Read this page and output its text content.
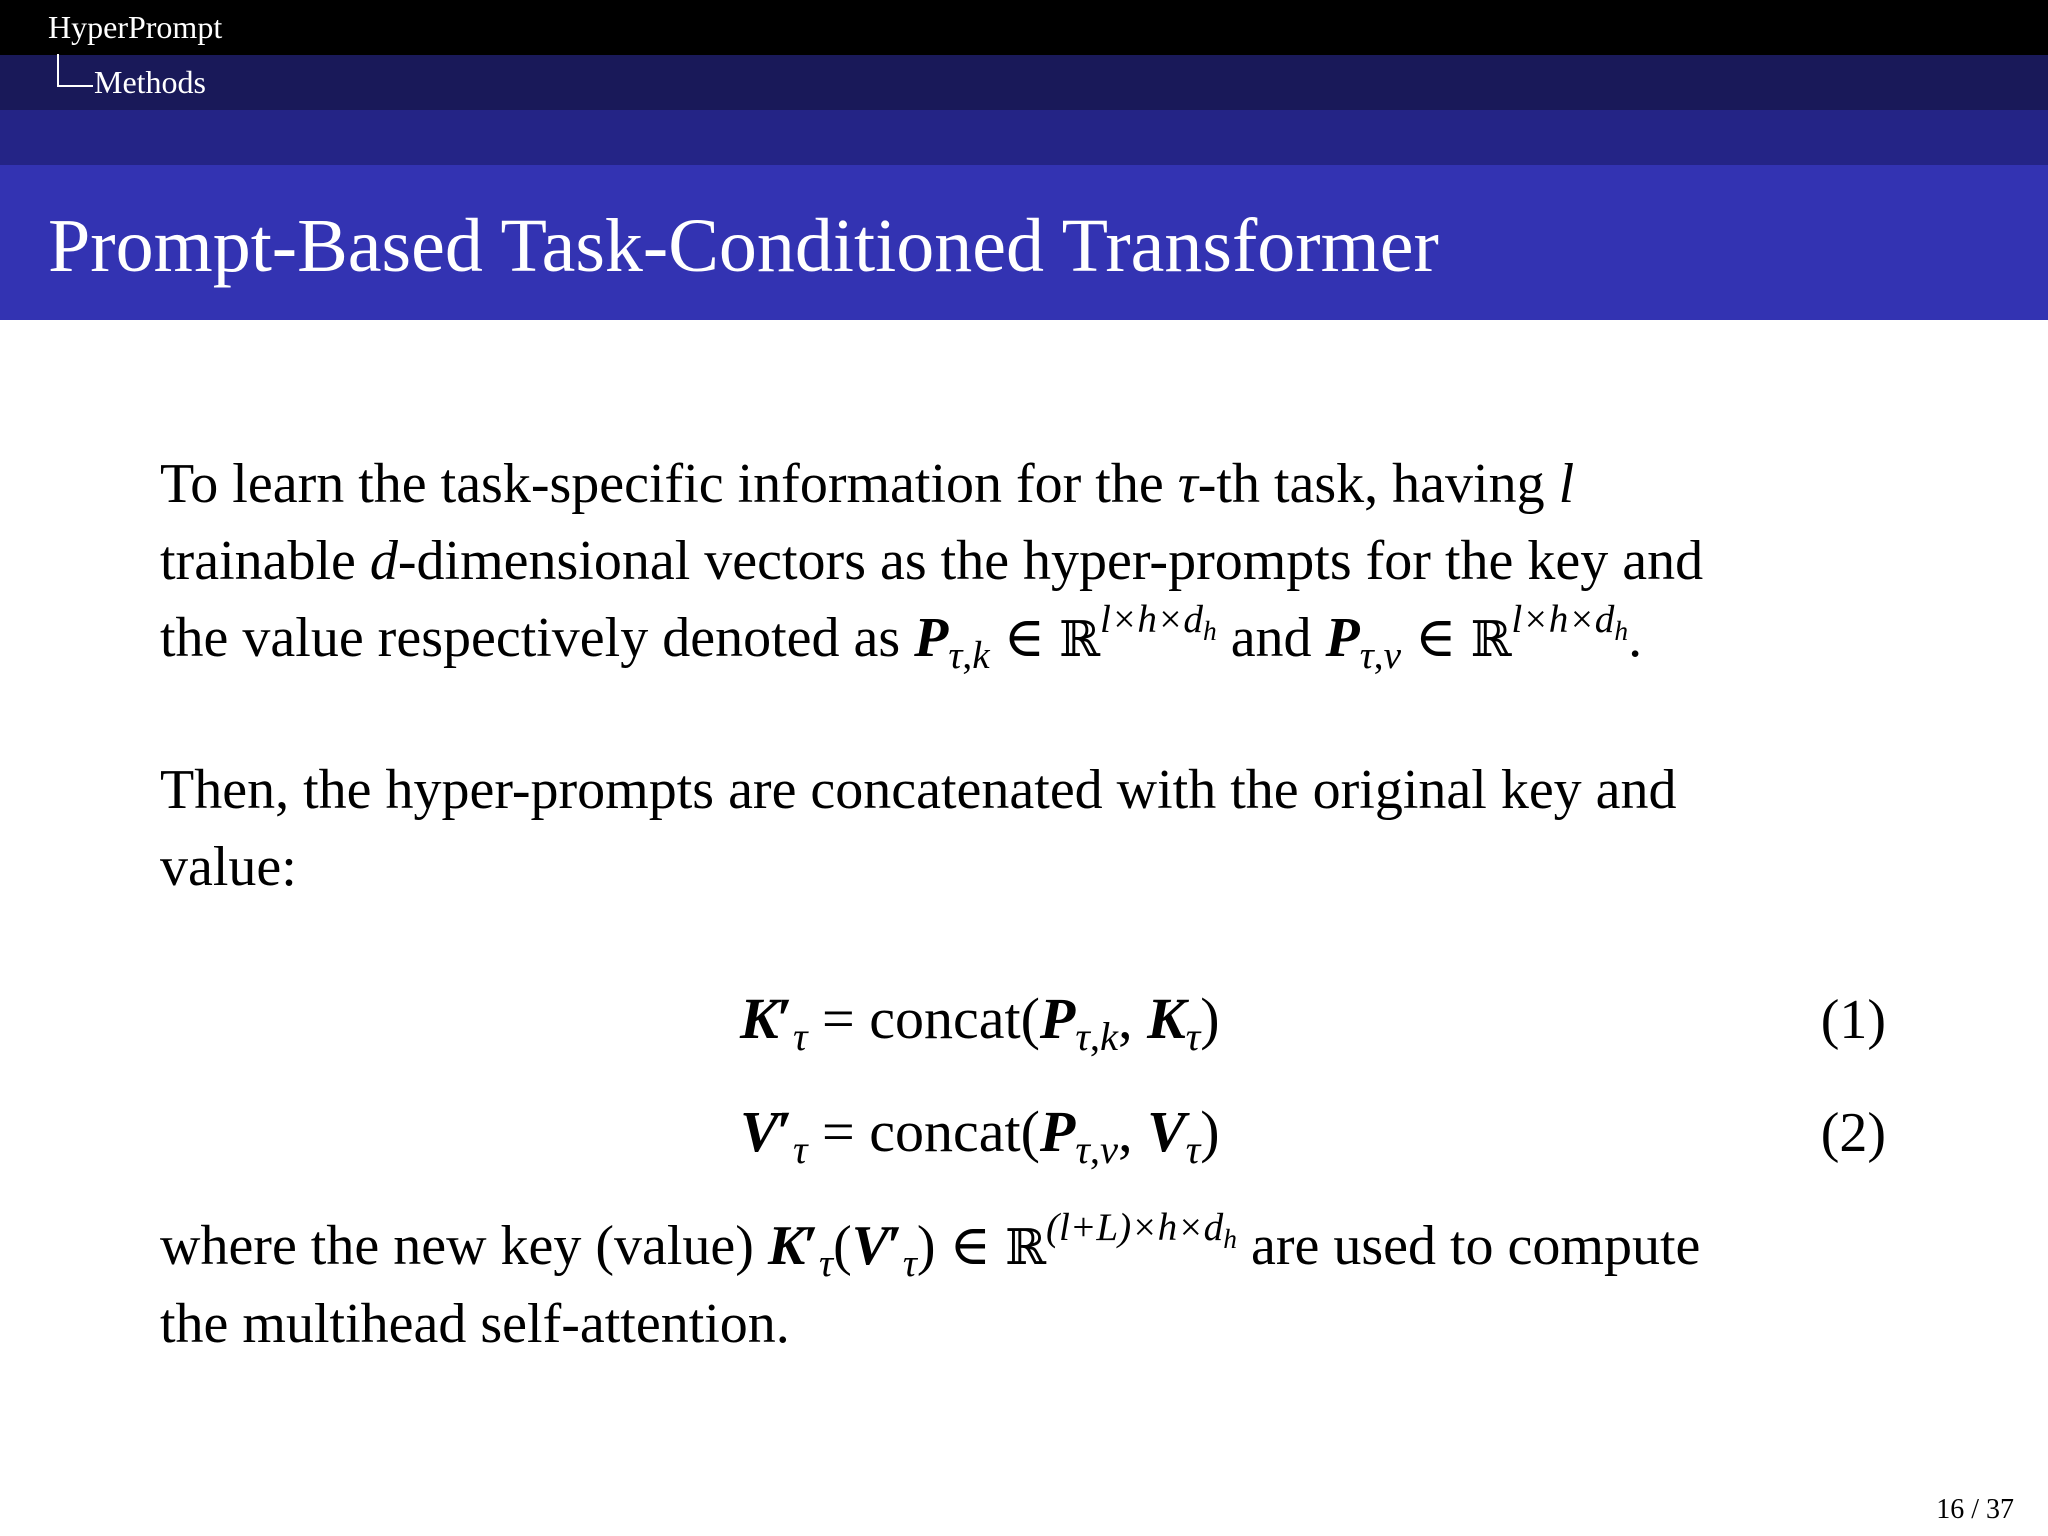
HyperPrompt
Methods
Prompt-Based Task-Conditioned Transformer
To learn the task-specific information for the τ-th task, having l
trainable d-dimensional vectors as the hyper-prompts for the key and
the value respectively denoted as $P_{\tau,k}$ ∈ ℝ$^{l\times h\times d_h}$ and $P_{\tau,v}$ ∈ ℝ$^{l\times h\times d_h}$.
Then, the hyper-prompts are concatenated with the original key and
value:
$K'_\tau$ = $concat(P_{\tau,k}$, $K_\tau$)	(1)
$V'_\tau$ = $concat(P_{\tau,v}$, $V_\tau$)	(2)
where the new key (value) $K'_\tau(V'_\tau)$ ∈ ℝ$^{(l+L)\times h\times d_h}$ are used to compute
the multihead self-attention.
16 / 37
